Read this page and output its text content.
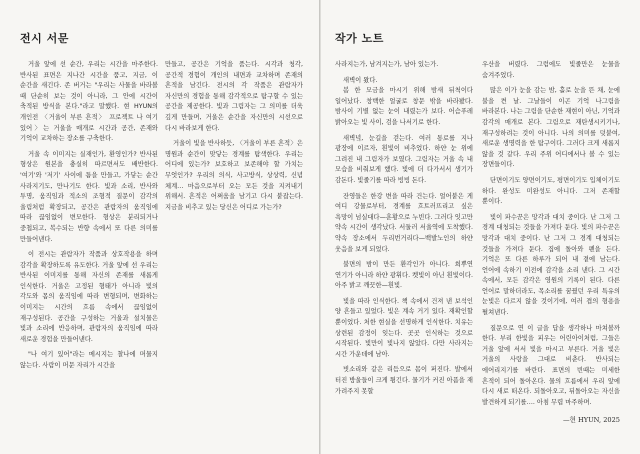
전시 서문

거울 앞에 선 순간, 우리는 시간을 마주한다. 반사된 표면은 지나간 시간을 품고, 지금, 이 순간을 새긴다. 존 버거는 "우리는 사물을 바라볼 때 단순히 보는 것이 아니라, 그 안에 시간이 축적된 방식을 본다."라고 말했다. 현 HYUN의 개인전 〈거울이 부른 흔적〉 프로젝트 나 여기 있어〉는 거울을 매개로 시간과 공간, 존재와 기억이 교차하는 장소를 구축한다.

거울 속 이미지는 실재인가, 환영인가? 반사된 형상은 원본을 충실히 따르면서도 배반한다. '여기'와 '저기' 사이에 틈을 만들고, 가닿는 순간 사라지기도, 만나기도 한다. 빛과 소리, 반사와 투명, 움직임과 적소의 조형적 질문이 감각의 울림처럼 확장되고, 공간은 관람자의 움직임에 따라 끊임없이 변모한다. 형상은 분리되거나 중첩되고, 복수되는 반향 속에서 또 다른 의미를 만들어낸다.

이 전시는 관람자가 작품과 상호작용을 하며 감각을 확장하도록 유도한다. 거울 앞에 선 우리는 반사된 이미지를 통해 자신의 존재를 새롭게 인식한다. 거울은 고정된 형태가 아니라 빛의 각도와 몸의 움직임에 따라 변형되며, 변화하는 이미지는 시간의 흐름 속에서 끊임없이 재구성된다. 공간을 구성하는 거울과 설치물은 빛과 소리에 반응하며, 관람자의 움직임에 따라 새로운 경험을 만들어낸다.

"나 여기 있어"라는 메시지는 찰나에 머물지 않는다. 사람이 머문 자리가 시간을

만들고, 공간은 기억을 품는다. 시각과 청각, 공간적 경험이 개인의 내면과 교차하며 존재의 흔적을 남긴다. 전시의 각 작품은 관람자가 자신만의 경험을 통해 감각적으로 탐구할 수 있는 공간을 제공한다. 빛과 그림자는 그 의미를 더욱 깊게 만들며, 거울은 순간을 자신만의 시선으로 다시 바라보게 한다.

거울이 빛을 반사하듯, 〈거울이 부른 흔적〉은 명원과 순간이 맞닿는 경계를 탐색한다. 우리는 어디에 있는가? 보호하고 보존해야 할 가치는 무엇인가? 우리의 의식, 사고방식, 상상력, 신념 체계… 마음으로부터 오는 모든 것을 지켜내기 위해서. 흔적은 어쩌움을 남기고 다시 붙잡는다. 지금을 비추고 있는 당신은 어디로 가는가?

작가 노트

사라지는가, 남겨지는가, 남아 있는가.

새벽이 왔다.

봄 한 모금을 마시기 위해 밤새 뒤척이다 일어났다. 창백한 얼굴로 창문 밖을 바라봤다. 밤사이 기별 없는 눈이 내렸는가 보다. 어슴푸레 밝아오는 빛 사이, 검을 나서기로 한다.

새벽녘, 눈길을 걷는다. 여러 통로를 지나 광장에 이르자, 흰빛이 비추었다. 하얀 눈 위에 그려진 내 그림자가 보였다. 그림자는 거울 속 내 모습을 비춰보게 했다. 빛에 더 다가서서 생기가 감돈다. 빛줄기를 따라 빙빙 돈다.

잔영들은 한강 변을 따라 건는다. 얼어붙은 게 여디 강물로부터, 경계를 흐트러뜨리고 싶은 욕망이 넘실대다—훈황으로 누빈다. 그러다 잇고만 약속 시간이 생각났다. 서둘러 서울역에 도착했다. 약속 장소에서 두리번거리다—백발노인의 하얀 웃음을 보게 되었다.

불면의 밤이 만든 환각인가 아니다. 희뿌연 연기가 아니라 하얀 광휘다. 켓빛이 아닌 흰빛이다. 아주 밝고 깨끗한—흰빛.

빛을 따라 인식한다. 책 속에서 건져 낸 보석인 양 흔들고 있었다. 빛은 계속 거기 있다. 재확인할 뿐이었다. 처한 현실을 선명하게 인식한다. 치유는 상련된 감정이 잊는다. 곳곳 인식하는 것으로 시작된다. 빛만이 빛나지 않았다. 다만 사라지는 시간 가운데에 남아.

빗소리와 같은 리듬으로 몸이 퍼진다. 발에서 터진 방울들이 크게 튕긴다. 물기가 커진 아픔을 재 가려주지 못할

우산을 버렸다. 그럼에도 빛줄만은 눈물을 숨겨주었다.

많은 이가 눈을 감는 밤, 홀로 눈을 뜬 채, 눈에 불을 켠 날. 그날들이 이곤 기억 나그림을 바라본다. 나는 그림을 단순한 재현이 아닌, 기억과 감각의 매개로 본다. 그림으로 재탄생시키기나, 재구성하려는 것이 아니다. 나의 의미를 덧붙여, 새로운 생명력을 한 탐구이다. 그러다 크게 새롭지 않을 것 같다. 우리 주위 어디에서나 볼 수 있는 장면들이다.

단면이기도 양면이기도, 평면이기도 입체이기도 하다. 완성도 미완성도 아니다. 그저 존재할 뿐이다.

빛이 파수꾼은 망각과 대치 중이다. 난 그저 그 경계 대청되는 것들을 가져다 둔다. 빛의 파수꾼은 망각과 대치 중이다. 난 그저 그 경계 대청되는 것들을 가져다 둔다. 집에 돌아와 펜을 든다. 기억은 또 다른 하루가 되어 내 곁에 남는다. 언어에 속하기 이전에 감각을 소리 낸다. 그 시간 속에서, 모든 감각은 영원의 기록이 된다. 다른 언어로 말하더라도, 목소리를 꿈꿨던 우리 특유의 눈빛은 다르지 않을 것이기에, 여러 겹의 형용을 펼쳐낸다.

질문으로 연 이 글을 답을 생각하나 마쳐볼까 한다. 부리 한빛을 피우는 어린아이처럼, 그들은 거울 앞에 서서 빛을 마시고 부른다. 거울 빛은 거울의 사랑을 그대로 비춘다. 반사되는 에어리지기를 바란다. 표면의 빈때는 미세한 흔적이 되어 돌아온다. 물의 흐름에서 우리 앞에 다시 새로 떠온다. 되돌아오고, 뒤돌아오는 자신을 발견하게 되기를…. 아침 무렵 마주하며.

—현 HYUN, 2025
